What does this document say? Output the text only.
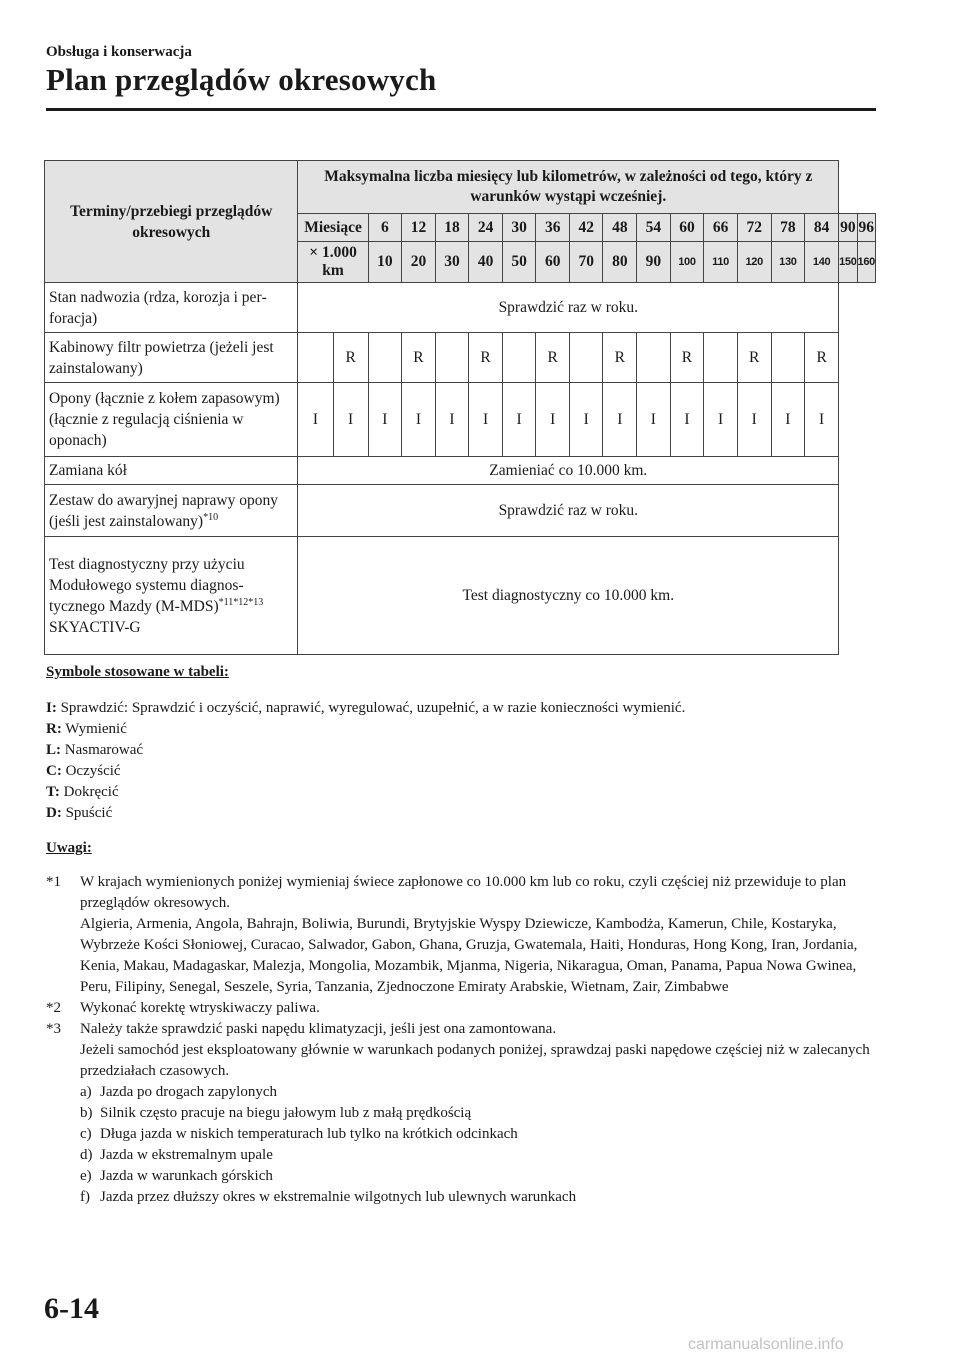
Obsługa i konserwacja
Plan przeglądów okresowych
Terminy/przebiegi przeglądów okresowych	Maksymalna liczba miesięcy lub kilometrów, w zależności od tego, który z warunków wystąpi wcześniej.																	
	Miesiące		6	12	18	24	30	36	42	48	54	60	66	72	78	84	90	96
	× 1.000 km		10	20	30	40	50	60	70	80	90	100	110	120	130	140	150	160
Stan nadwozia (rdza, korozja i perforacja)	Sprawdzić raz w roku.																	
Kabinowy filtr powietrza (jeżeli jest zainstalowany)		R		R		R		R		R		R		R		R		
Opony (łącznie z kołem zapasowym) (łącznie z regulacją ciśnienia w oponach)	I	I	I	I	I	I	I	I	I	I	I	I	I	I	I	I		
Zamiana kół	Zamieniać co 10.000 km.																	
Zestaw do awaryjnej naprawy opony (jeśli jest zainstalowany)$^{*10}$	Sprawdzić raz w roku.																	
Test diagnostyczny przy użyciu Modułowego systemu diagnostycznego Mazdy $(M-MDS)^{*11*12*13}$
SKYACTIV-G	Test diagnostyczny co 10.000 km.																	
Symbole stosowane w tabeli:
I: Sprawdzić: Sprawdzić i oczyścić, naprawić, wyregulować, uzupełnić, a w razie konieczności wymienić.
R: Wymienić
L: Nasmarować
C: Oczyścić
T: Dokręcić
D: Spuścić
Uwagi:
*1 W krajach wymienionych poniżej wymieniaj świece zapłonowe co 10.000 km lub co roku, czyli częściej niż przewiduje to plan przeglądów okresowych.
Algieria, Armenia, Angola, Bahrajn, Boliwia, Burundi, Brytyjskie Wyspy Dziewicze, Kambodża, Kamerun, Chile, Kostaryka, Wybrzeże Kości Słoniowej, Curacao, Salwador, Gabon, Ghana, Gruzja, Gwatemala, Haiti, Honduras, Hong Kong, Iran, Jordania, Kenia, Makau, Madagaskar, Malezja, Mongolia, Mozambik, Mjanma, Nigeria, Nikaragua, Oman, Panama, Papua Nowa Gwinea, Peru, Filipiny, Senegal, Seszele, Syria, Tanzania, Zjednoczone Emiraty Arabskie, Wietnam, Zair, Zimbabwe
*2 Wykonać korektę wtryskiwaczy paliwa.
*3 Należy także sprawdzić paski napędu klimatyzacji, jeśli jest ona zamontowana.
Jeżeli samochód jest eksploatowany głównie w warunkach podanych poniżej, sprawdzaj paski napędowe częściej niż w zalecanych przedziałach czasowych.
a) Jazda po drogach zapylonych
b) Silnik często pracuje na biegu jałowym lub z małą prędkością
c) Długa jazda w niskich temperaturach lub tylko na krótkich odcinkach
d) Jazda w ekstremalnym upale
e) Jazda w warunkach górskich
f) Jazda przez dłuższy okres w ekstremalnie wilgotnych lub ulewnych warunkach
6-14
carmanualsonline.info
